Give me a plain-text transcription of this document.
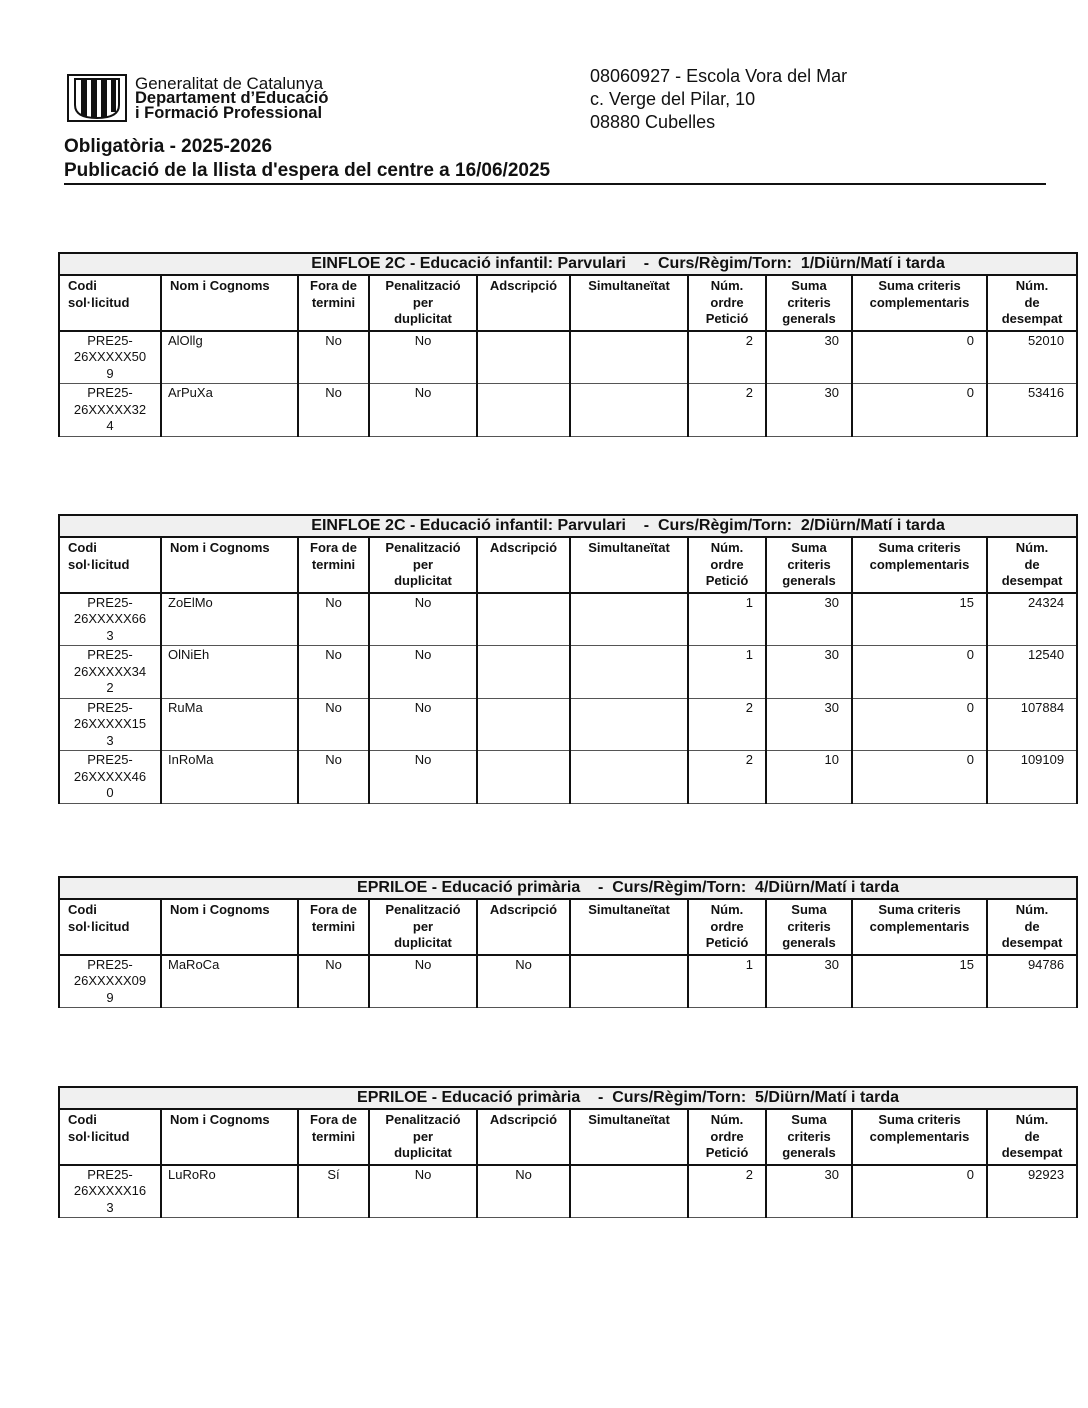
Generalitat de Catalunya
Departament d’Educació
i Formació Professional
08060927 - Escola Vora del Mar
c. Verge del Pilar, 10
08880 Cubelles
Obligatòria - 2025-2026
Publicació de la llista d'espera del centre a 16/06/2025
EINFLOE 2C - Educació infantil: Parvulari    -  Curs/Règim/Torn:  1/Diürn/Matí i tarda									
Codi
sol·licitud	Nom i Cognoms	Fora de
termini	Penalització
per
duplicitat	Adscripció	Simultaneïtat	Núm.
ordre
Petició	Suma
criteris
generals	Suma criteris
complementaris	Núm.
de
desempat
PRE25-
26XXXXX50
9	AlOllg	No	No			2	30	0	52010
PRE25-
26XXXXX32
4	ArPuXa	No	No			2	30	0	53416
EINFLOE 2C - Educació infantil: Parvulari    -  Curs/Règim/Torn:  2/Diürn/Matí i tarda									
Codi
sol·licitud	Nom i Cognoms	Fora de
termini	Penalització
per
duplicitat	Adscripció	Simultaneïtat	Núm.
ordre
Petició	Suma
criteris
generals	Suma criteris
complementaris	Núm.
de
desempat
PRE25-
26XXXXX66
3	ZoElMo	No	No			1	30	15	24324
PRE25-
26XXXXX34
2	OlNiEh	No	No			1	30	0	12540
PRE25-
26XXXXX15
3	RuMa	No	No			2	30	0	107884
PRE25-
26XXXXX46
0	InRoMa	No	No			2	10	0	109109
EPRILOE - Educació primària    -  Curs/Règim/Torn:  4/Diürn/Matí i tarda									
Codi
sol·licitud	Nom i Cognoms	Fora de
termini	Penalització
per
duplicitat	Adscripció	Simultaneïtat	Núm.
ordre
Petició	Suma
criteris
generals	Suma criteris
complementaris	Núm.
de
desempat
PRE25-
26XXXXX09
9	MaRoCa	No	No	No		1	30	15	94786
EPRILOE - Educació primària    -  Curs/Règim/Torn:  5/Diürn/Matí i tarda									
Codi
sol·licitud	Nom i Cognoms	Fora de
termini	Penalització
per
duplicitat	Adscripció	Simultaneïtat	Núm.
ordre
Petició	Suma
criteris
generals	Suma criteris
complementaris	Núm.
de
desempat
PRE25-
26XXXXX16
3	LuRoRo	Sí	No	No		2	30	0	92923
